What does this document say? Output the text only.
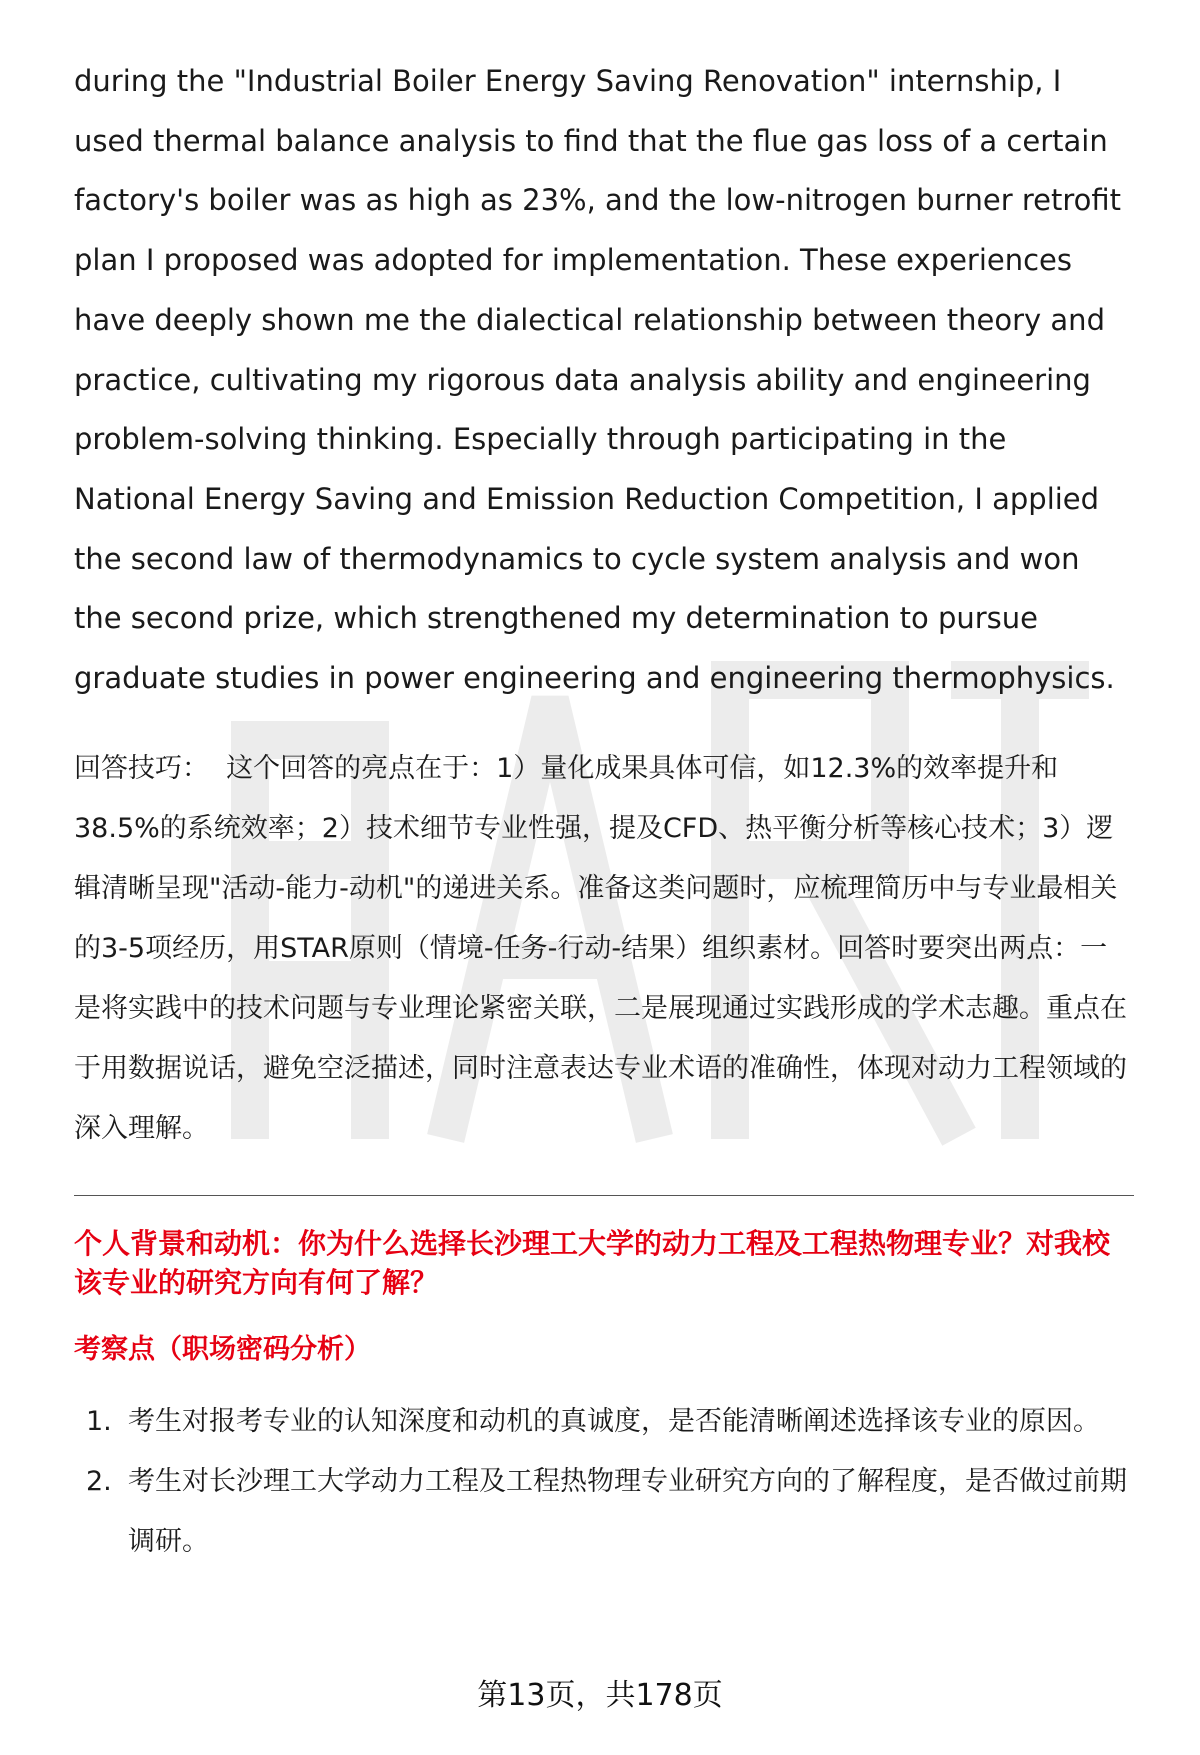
during the "Industrial Boiler Energy Saving Renovation" internship, I used thermal balance analysis to find that the flue gas loss of a certain factory's boiler was as high as 23%, and the low-nitrogen burner retrofit plan I proposed was adopted for implementation. These experiences have deeply shown me the dialectical relationship between theory and practice, cultivating my rigorous data analysis ability and engineering problem-solving thinking. Especially through participating in the National Energy Saving and Emission Reduction Competition, I applied the second law of thermodynamics to cycle system analysis and won the second prize, which strengthened my determination to pursue graduate studies in power engineering and engineering thermophysics.

回答技巧： 这个回答的亮点在于：1）量化成果具体可信，如12.3%的效率提升和38.5%的系统效率；2）技术细节专业性强，提及CFD、热平衡分析等核心技术；3）逻辑清晰呈现"活动-能力-动机"的递进关系。准备这类问题时，应梳理简历中与专业最相关的3-5项经历，用STAR原则（情境-任务-行动-结果）组织素材。回答时要突出两点：一是将实践中的技术问题与专业理论紧密关联，二是展现通过实践形成的学术志趣。重点在于用数据说话，避免空泛描述，同时注意表达专业术语的准确性，体现对动力工程领域的深入理解。

个人背景和动机：你为什么选择长沙理工大学的动力工程及工程热物理专业？对我校该专业的研究方向有何了解？
考察点（职场密码分析）
1. 考生对报考专业的认知深度和动机的真诚度，是否能清晰阐述选择该专业的原因。
2. 考生对长沙理工大学动力工程及工程热物理专业研究方向的了解程度，是否做过前期调研。
第13页，共178页
